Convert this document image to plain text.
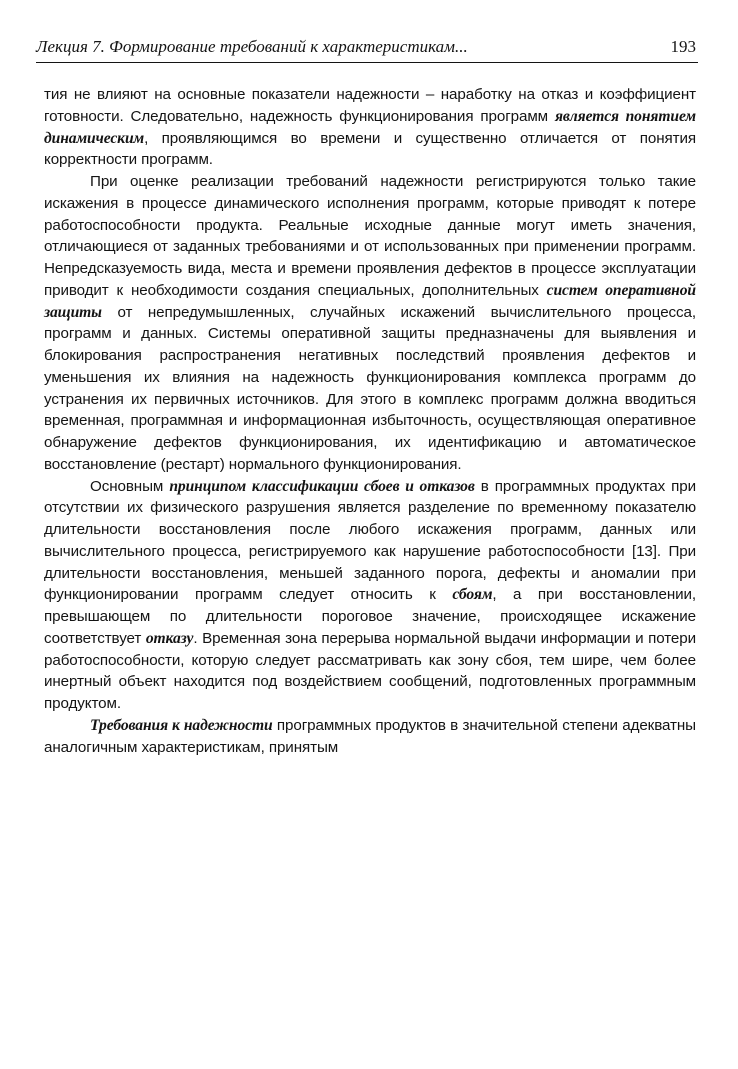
Лекция 7. Формирование требований к характеристикам...	193

тия не влияют на основные показатели надежности – наработку на отказ и коэффициент готовности. Следовательно, надежность функционирования программ является понятием динамическим, проявляющимся во времени и существенно отличается от понятия корректности программ.

При оценке реализации требований надежности регистрируются только такие искажения в процессе динамического исполнения программ, которые приводят к потере работоспособности продукта. Реальные исходные данные могут иметь значения, отличающиеся от заданных требованиями и от использованных при применении программ. Непредсказуемость вида, места и времени проявления дефектов в процессе эксплуатации приводит к необходимости создания специальных, дополнительных систем оперативной защиты от непредумышленных, случайных искажений вычислительного процесса, программ и данных. Системы оперативной защиты предназначены для выявления и блокирования распространения негативных последствий проявления дефектов и уменьшения их влияния на надежность функционирования комплекса программ до устранения их первичных источников. Для этого в комплекс программ должна вводиться временная, программная и информационная избыточность, осуществляющая оперативное обнаружение дефектов функционирования, их идентификацию и автоматическое восстановление (рестарт) нормального функционирования.

Основным принципом классификации сбоев и отказов в программных продуктах при отсутствии их физического разрушения является разделение по временному показателю длительности восстановления после любого искажения программ, данных или вычислительного процесса, регистрируемого как нарушение работоспособности [13]. При длительности восстановления, меньшей заданного порога, дефекты и аномалии при функционировании программ следует относить к сбоям, а при восстановлении, превышающем по длительности пороговое значение, происходящее искажение соответствует отказу. Временная зона перерыва нормальной выдачи информации и потери работоспособности, которую следует рассматривать как зону сбоя, тем шире, чем более инертный объект находится под воздействием сообщений, подготовленных программным продуктом.

Требования к надежности программных продуктов в значительной степени адекватны аналогичным характеристикам, принятым
